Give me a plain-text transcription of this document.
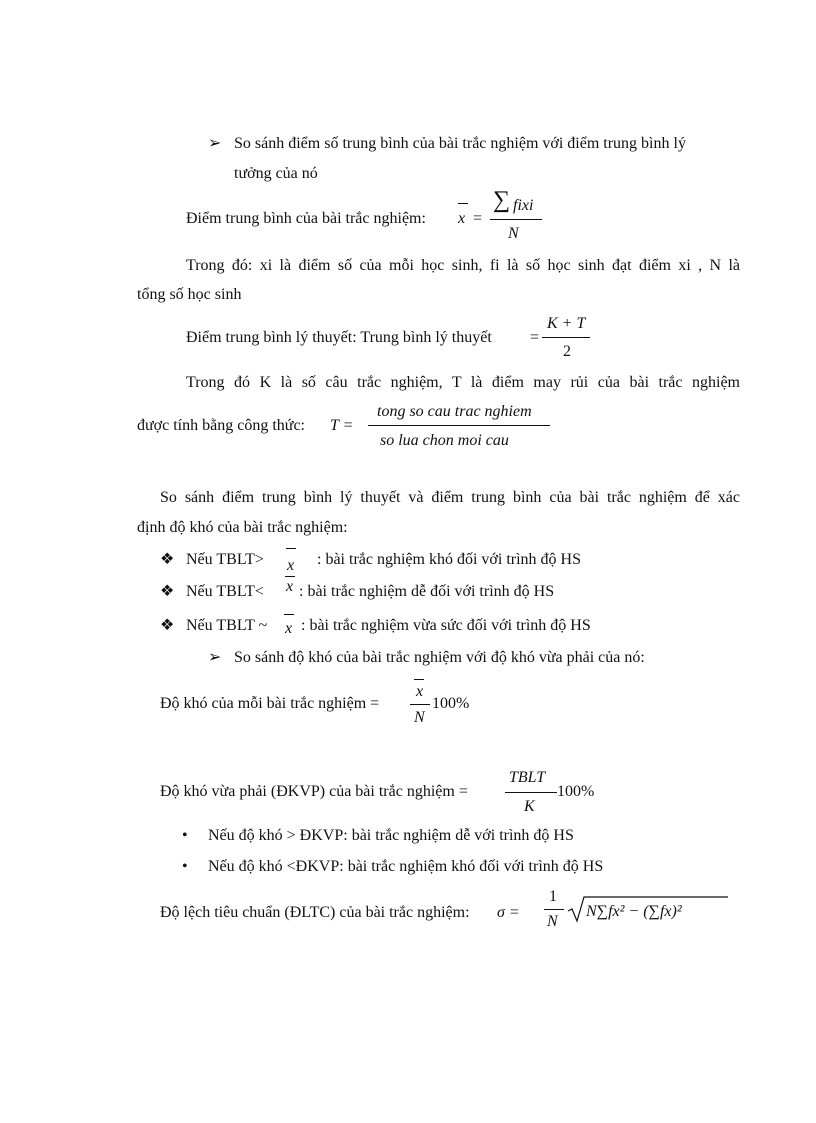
➢ So sánh điểm số trung bình của bài trắc nghiệm với điểm trung bình lý
tưởng của nó
Điểm trung bình của bài trắc nghiệm: x =
∑ fixi
N
Trong đó: xi là điểm số của mỗi học sinh, fi là số học sinh đạt điểm xi , N là
tổng số học sinh
Điểm trung bình lý thuyết: Trung bình lý thuyết =
K + T
2
Trong đó K là số câu trắc nghiệm, T là điểm may rủi của bài trắc nghiệm
được tính bằng công thức: T =
tong so cau trac nghiem
so lua chon moi cau
So sánh điểm trung bình lý thuyết và điểm trung bình của bài trắc nghiệm để xác
định độ khó của bài trắc nghiệm:
❖ Nếu TBLT> x : bài trắc nghiệm khó đối với trình độ HS
❖ Nếu TBLT< x : bài trắc nghiệm dễ đối với trình độ HS
❖ Nếu TBLT ~ x : bài trắc nghiệm vừa sức đối với trình độ HS
➢ So sánh độ khó của bài trắc nghiệm với độ khó vừa phải của nó:
Độ khó của mỗi bài trắc nghiệm =
x
N
100%
Độ khó vừa phải (ĐKVP) của bài trắc nghiệm =
TBLT
K
100%
• Nếu độ khó > ĐKVP: bài trắc nghiệm dễ với trình độ HS
• Nếu độ khó <ĐKVP: bài trắc nghiệm khó đối với trình độ HS
Độ lệch tiêu chuẩn (ĐLTC) của bài trắc nghiệm: σ =
1
N
N∑fx² − (∑fx)²
